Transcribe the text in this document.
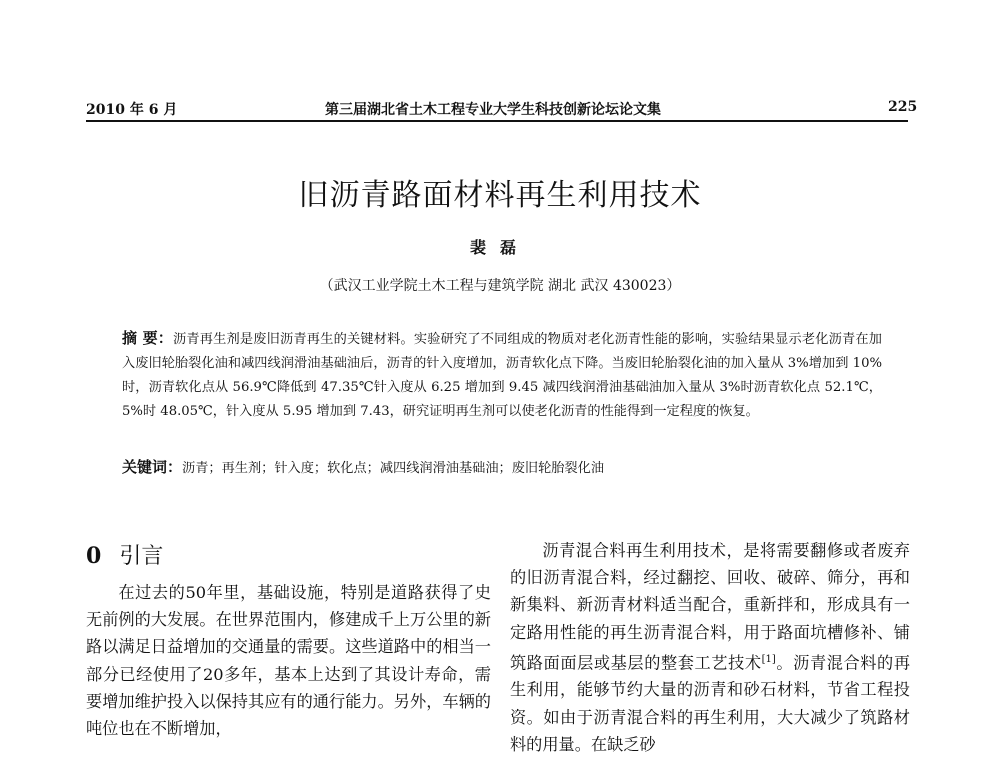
2010 年 6 月	第三届湖北省土木工程专业大学生科技创新论坛论文集	225
旧沥青路面材料再生利用技术
裴磊
（武汉工业学院土木工程与建筑学院 湖北 武汉 430023）
摘 要：沥青再生剂是废旧沥青再生的关键材料。实验研究了不同组成的物质对老化沥青性能的影响，实验结果显示老化沥青在加入废旧轮胎裂化油和减四线润滑油基础油后，沥青的针入度增加，沥青软化点下降。当废旧轮胎裂化油的加入量从 3%增加到 10%时，沥青软化点从 56.9℃降低到 47.35℃针入度从 6.25 增加到 9.45 减四线润滑油基础油加入量从 3%时沥青软化点 52.1℃，5%时 48.05℃，针入度从 5.95 增加到 7.43，研究证明再生剂可以使老化沥青的性能得到一定程度的恢复。
关键词：沥青；再生剂；针入度；软化点；减四线润滑油基础油；废旧轮胎裂化油
0 引言

在过去的50年里，基础设施，特别是道路获得了史无前例的大发展。在世界范围内，修建成千上万公里的新路以满足日益增加的交通量的需要。这些道路中的相当一部分已经使用了20多年，基本上达到了其设计寿命，需要增加维护投入以保持其应有的通行能力。另外，车辆的吨位也在不断增加，

沥青混合料再生利用技术，是将需要翻修或者废弃的旧沥青混合料，经过翻挖、回收、破碎、筛分，再和新集料、新沥青材料适当配合，重新拌和，形成具有一定路用性能的再生沥青混合料，用于路面坑槽修补、铺筑路面面层或基层的整套工艺技术[1]。沥青混合料的再生利用，能够节约大量的沥青和砂石材料，节省工程投资。如由于沥青混合料的再生利用，大大减少了筑路材料的用量。在缺乏砂
